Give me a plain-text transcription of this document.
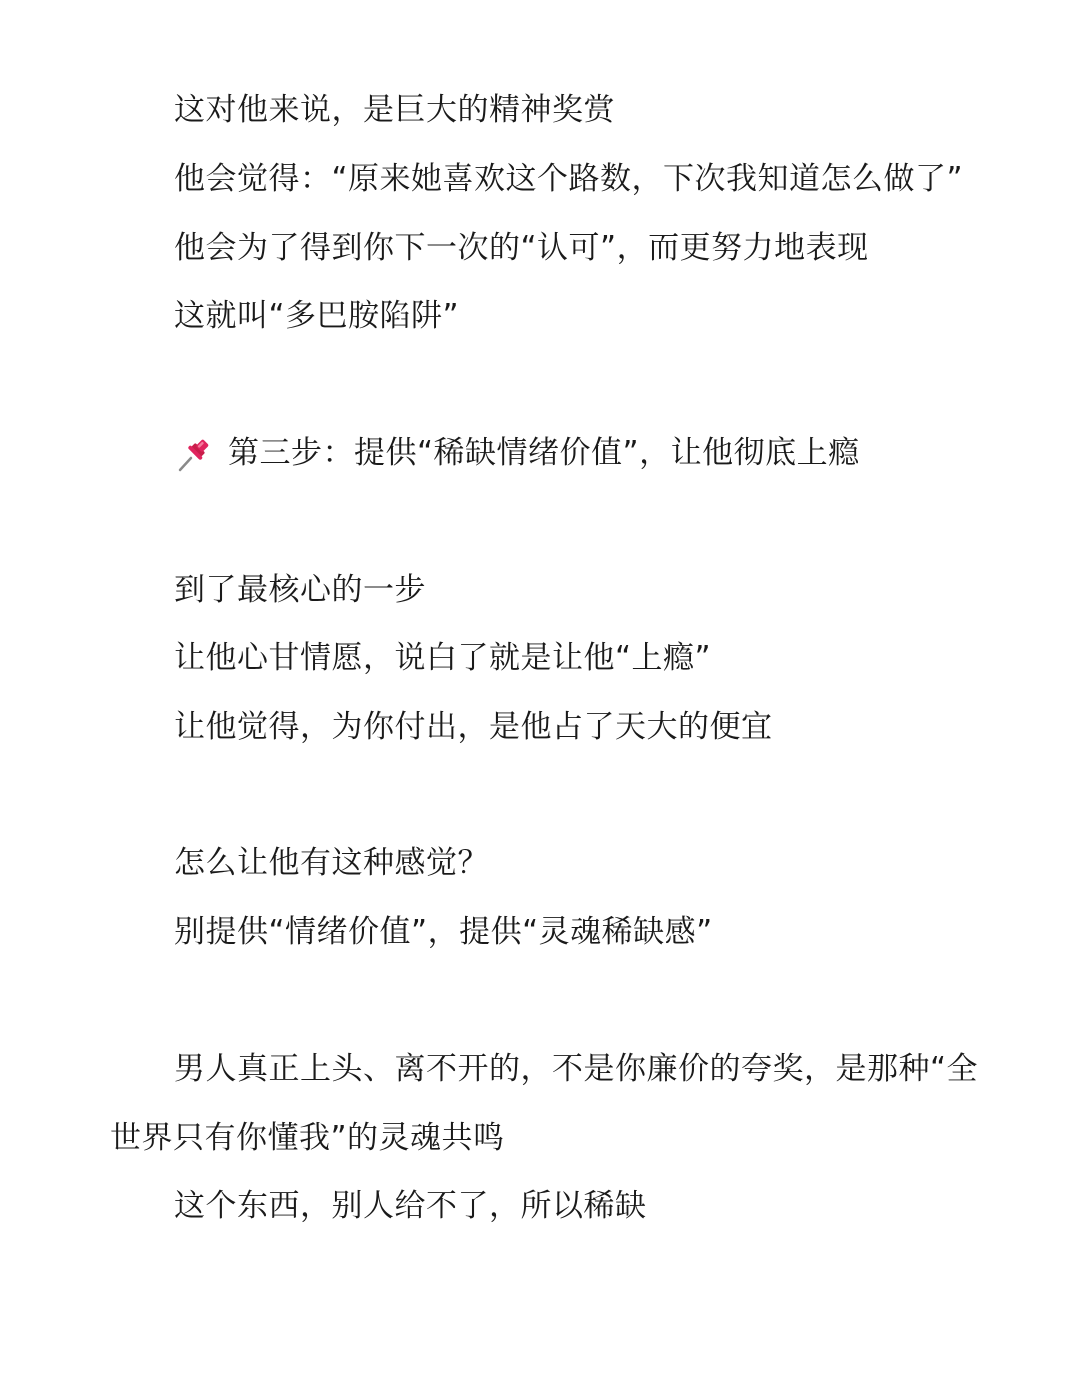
这对他来说，是巨大的精神奖赏
他会觉得：“原来她喜欢这个路数，下次我知道怎么做了”
他会为了得到你下一次的“认可”，而更努力地表现
这就叫“多巴胺陷阱”
第三步：提供“稀缺情绪价值”，让他彻底上瘾
到了最核心的一步
让他心甘情愿，说白了就是让他“上瘾”
让他觉得，为你付出，是他占了天大的便宜
怎么让他有这种感觉？
别提供“情绪价值”，提供“灵魂稀缺感”
男人真正上头、离不开的，不是你廉价的夸奖，是那种“全
世界只有你懂我”的灵魂共鸣
这个东西，别人给不了，所以稀缺
